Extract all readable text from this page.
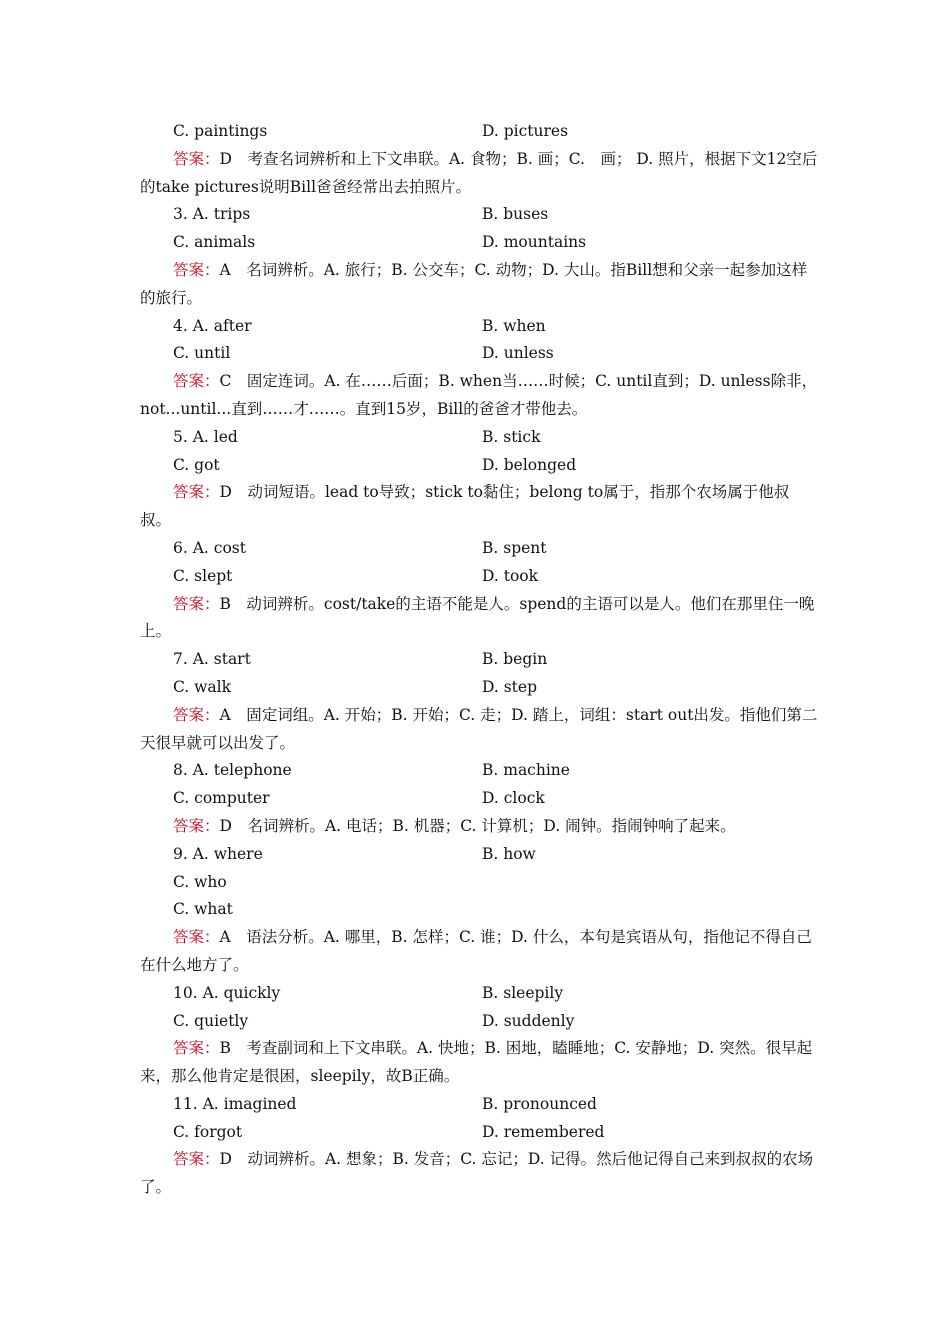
C. paintings	D. pictures
答案：D　考查名词辨析和上下文串联。A. 食物；B. 画；C.　画； D. 照片，根据下文12空后的take pictures说明Bill爸爸经常出去拍照片。
3. A. trips	B. buses
C. animals	D. mountains
答案：A　名词辨析。A. 旅行；B. 公交车；C. 动物；D. 大山。指Bill想和父亲一起参加这样的旅行。
4. A. after	B. when
C. until	D. unless
答案：C　固定连词。A. 在……后面；B. when当……时候；C. until直到；D. unless除非，not...until...直到……才……。直到15岁，Bill的爸爸才带他去。
5. A. led	B. stick
C. got	D. belonged
答案：D　动词短语。lead to导致；stick to黏住；belong to属于，指那个农场属于他叔叔。
6. A. cost	B. spent
C. slept	D. took
答案：B　动词辨析。cost/take的主语不能是人。spend的主语可以是人。他们在那里住一晚上。
7. A. start	B. begin
C. walk	D. step
答案：A　固定词组。A. 开始；B. 开始；C. 走；D. 踏上，词组：start out出发。指他们第二天很早就可以出发了。
8. A. telephone	B. machine
C. computer	D. clock
答案：D　名词辨析。A. 电话；B. 机器；C. 计算机；D. 闹钟。指闹钟响了起来。
9. A. where	B. how
C. who
C. what
答案：A　语法分析。A. 哪里，B. 怎样；C. 谁；D. 什么，本句是宾语从句，指他记不得自己在什么地方了。
10. A. quickly	B. sleepily
C. quietly	D. suddenly
答案：B　考查副词和上下文串联。A. 快地；B. 困地，瞌睡地；C. 安静地；D. 突然。很早起来，那么他肯定是很困，sleepily，故B正确。
11. A. imagined	B. pronounced
C. forgot	D. remembered
答案：D　动词辨析。A. 想象；B. 发音；C. 忘记；D. 记得。然后他记得自己来到叔叔的农场了。
